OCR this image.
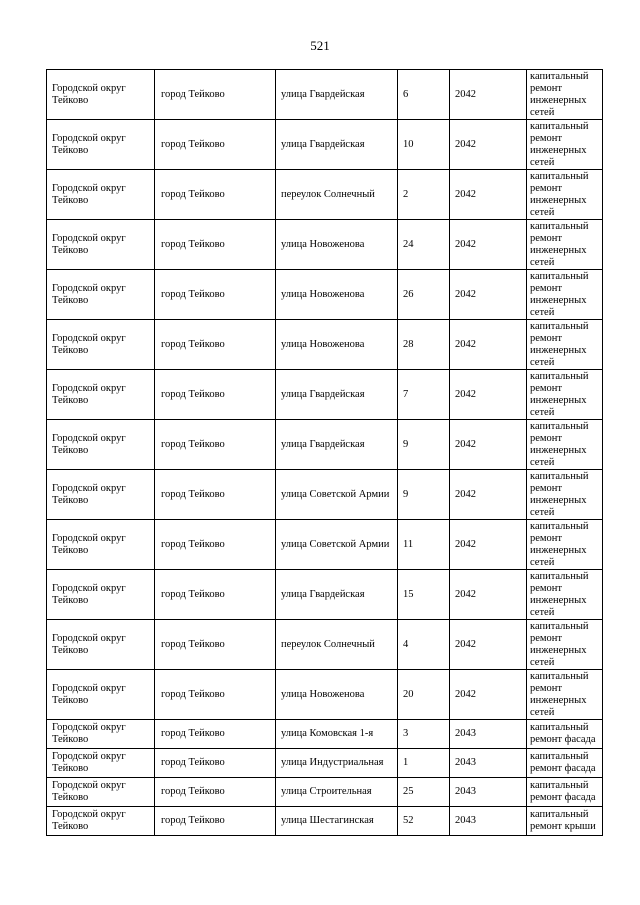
521
Городской округ Тейково	город Тейково	улица Гвардейская	6	2042	капитальный ремонт инженерных сетей
Городской округ Тейково	город Тейково	улица Гвардейская	10	2042	капитальный ремонт инженерных сетей
Городской округ Тейково	город Тейково	переулок Солнечный	2	2042	капитальный ремонт инженерных сетей
Городской округ Тейково	город Тейково	улица Новоженова	24	2042	капитальный ремонт инженерных сетей
Городской округ Тейково	город Тейково	улица Новоженова	26	2042	капитальный ремонт инженерных сетей
Городской округ Тейково	город Тейково	улица Новоженова	28	2042	капитальный ремонт инженерных сетей
Городской округ Тейково	город Тейково	улица Гвардейская	7	2042	капитальный ремонт инженерных сетей
Городской округ Тейково	город Тейково	улица Гвардейская	9	2042	капитальный ремонт инженерных сетей
Городской округ Тейково	город Тейково	улица Советской Армии	9	2042	капитальный ремонт инженерных сетей
Городской округ Тейково	город Тейково	улица Советской Армии	11	2042	капитальный ремонт инженерных сетей
Городской округ Тейково	город Тейково	улица Гвардейская	15	2042	капитальный ремонт инженерных сетей
Городской округ Тейково	город Тейково	переулок Солнечный	4	2042	капитальный ремонт инженерных сетей
Городской округ Тейково	город Тейково	улица Новоженова	20	2042	капитальный ремонт инженерных сетей
Городской округ Тейково	город Тейково	улица Комовская 1-я	3	2043	капитальный ремонт фасада
Городской округ Тейково	город Тейково	улица Индустриальная	1	2043	капитальный ремонт фасада
Городской округ Тейково	город Тейково	улица Строительная	25	2043	капитальный ремонт фасада
Городской округ Тейково	город Тейково	улица Шестагинская	52	2043	капитальный ремонт крыши
